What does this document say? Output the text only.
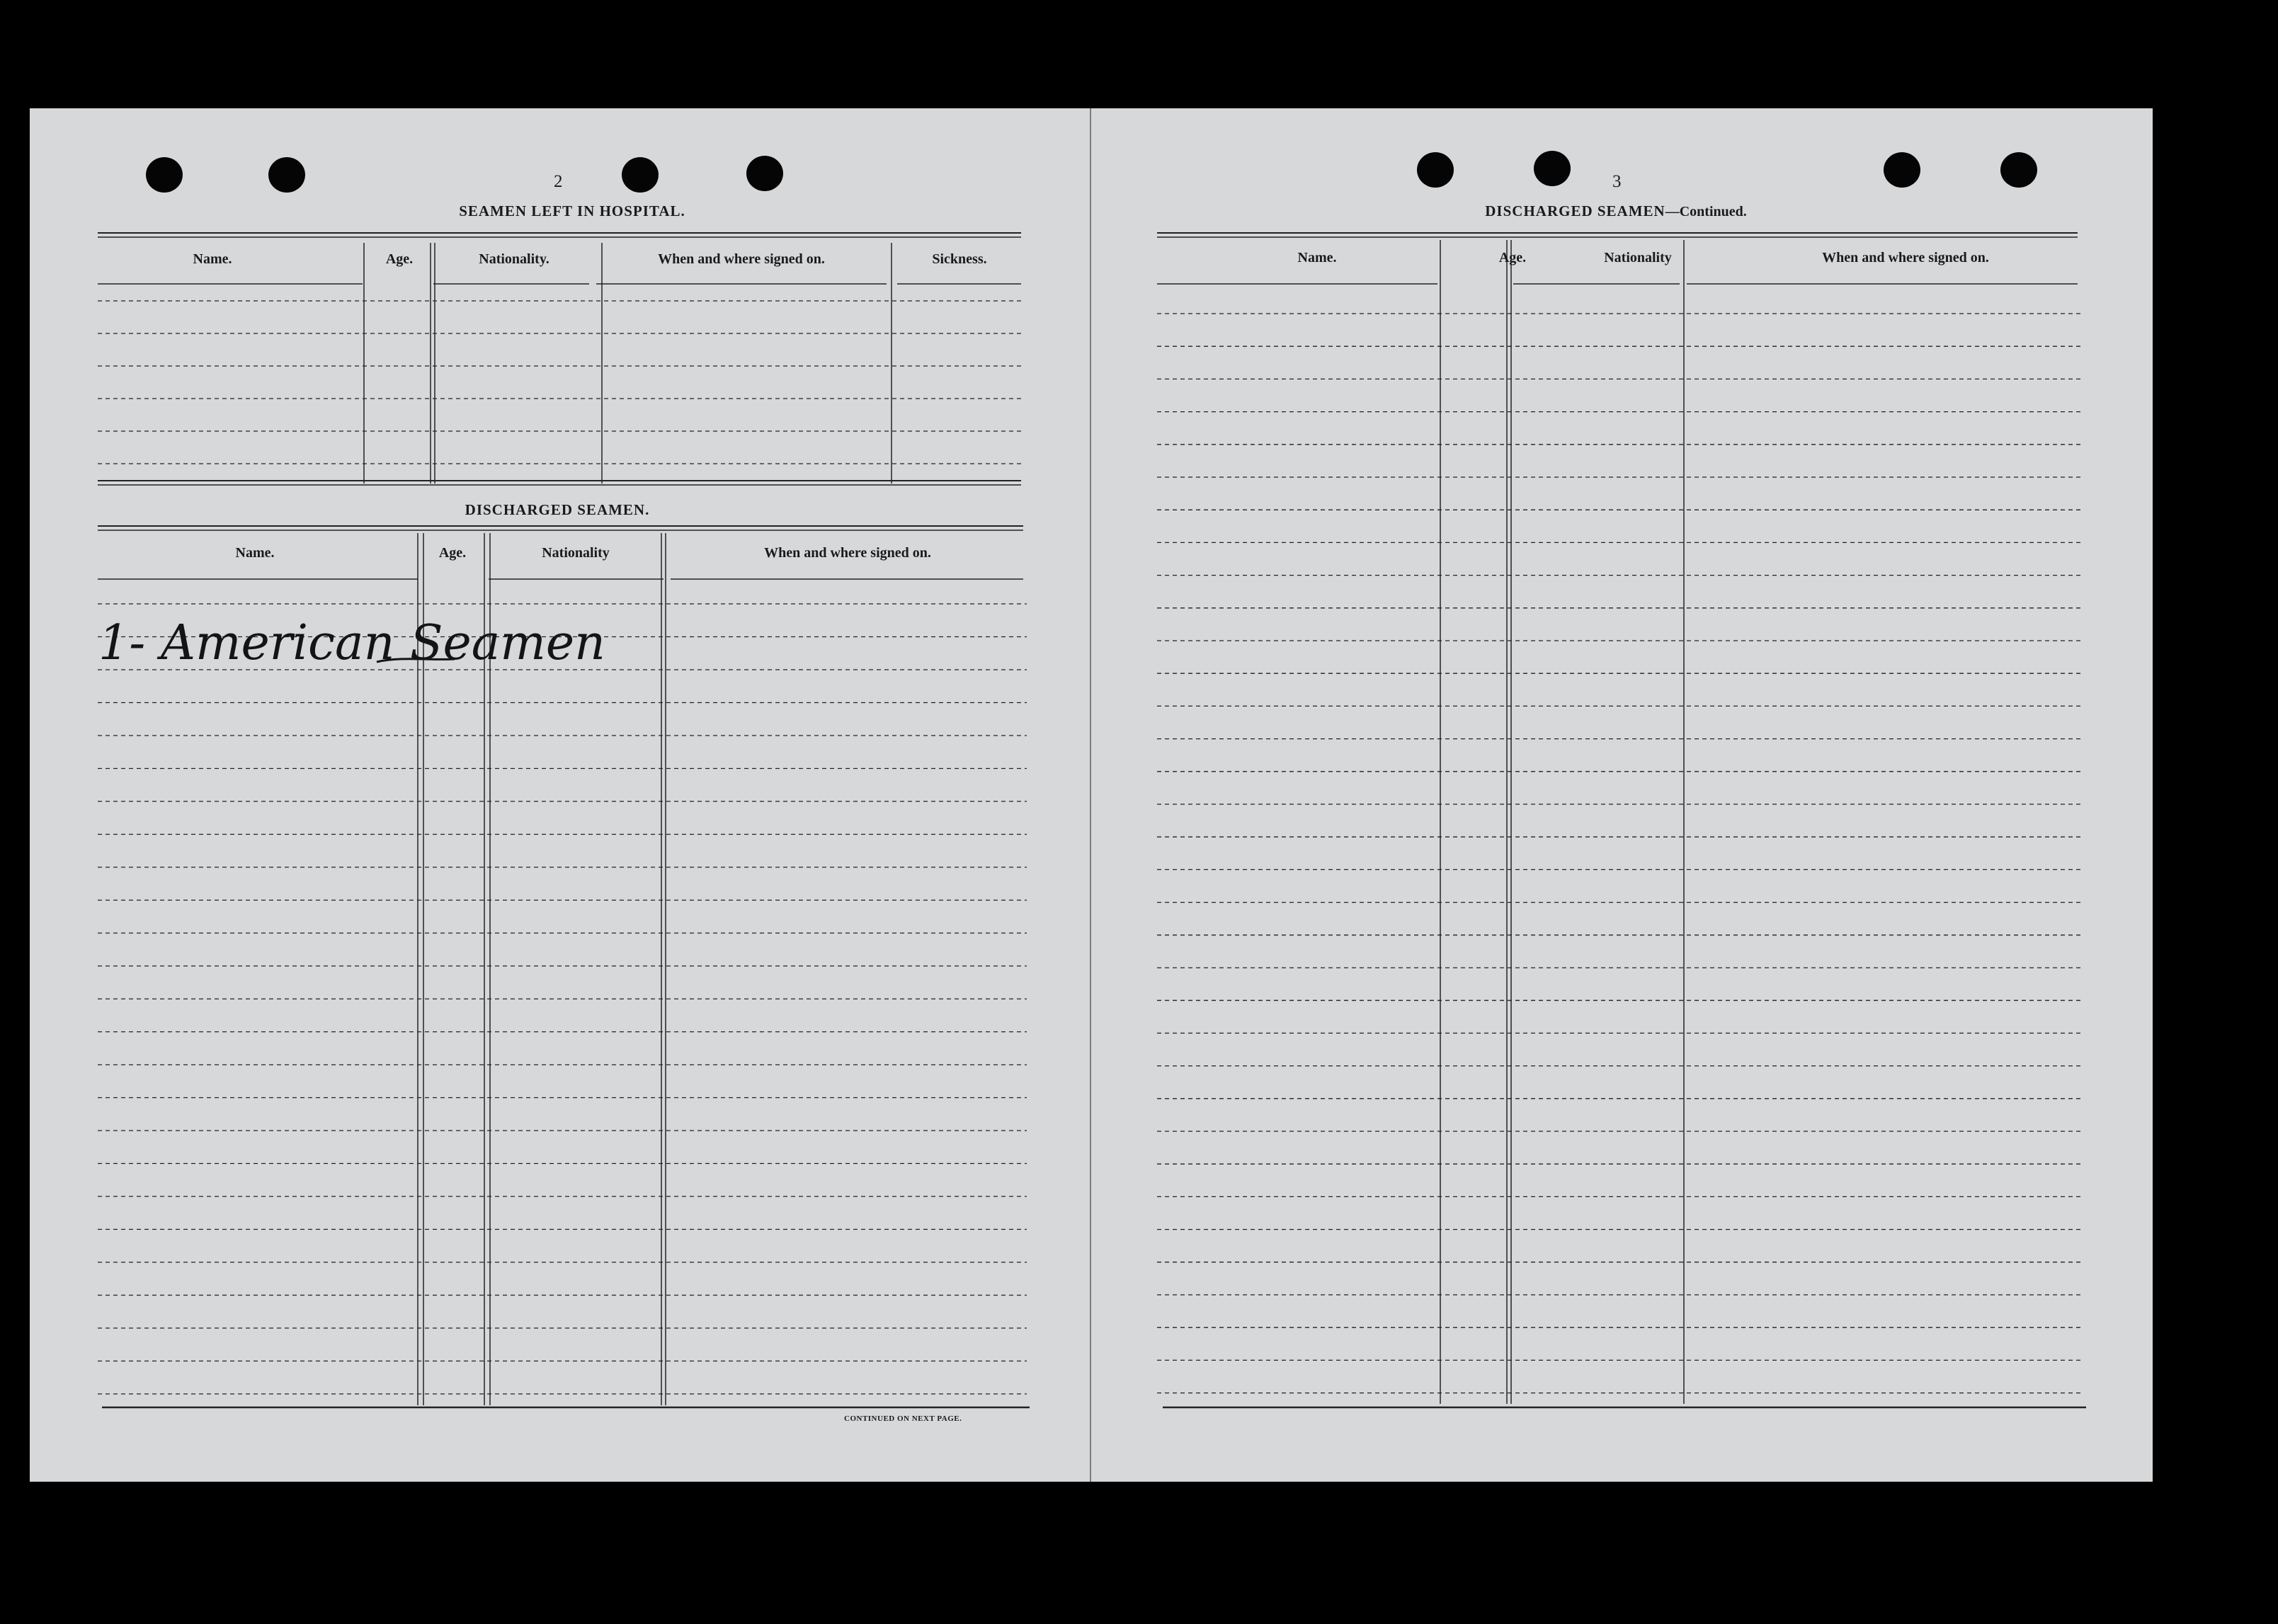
2
SEAMEN LEFT IN HOSPITAL.
Name.	Age.	Nationality.	When and where signed on.	Sickness.
DISCHARGED SEAMEN.
Name.	Age.	Nationality	When and where signed on.
1- American Seamen
CONTINUED ON NEXT PAGE.
3
DISCHARGED SEAMEN—Continued.
Name.	Age.	Nationality	When and where signed on.
